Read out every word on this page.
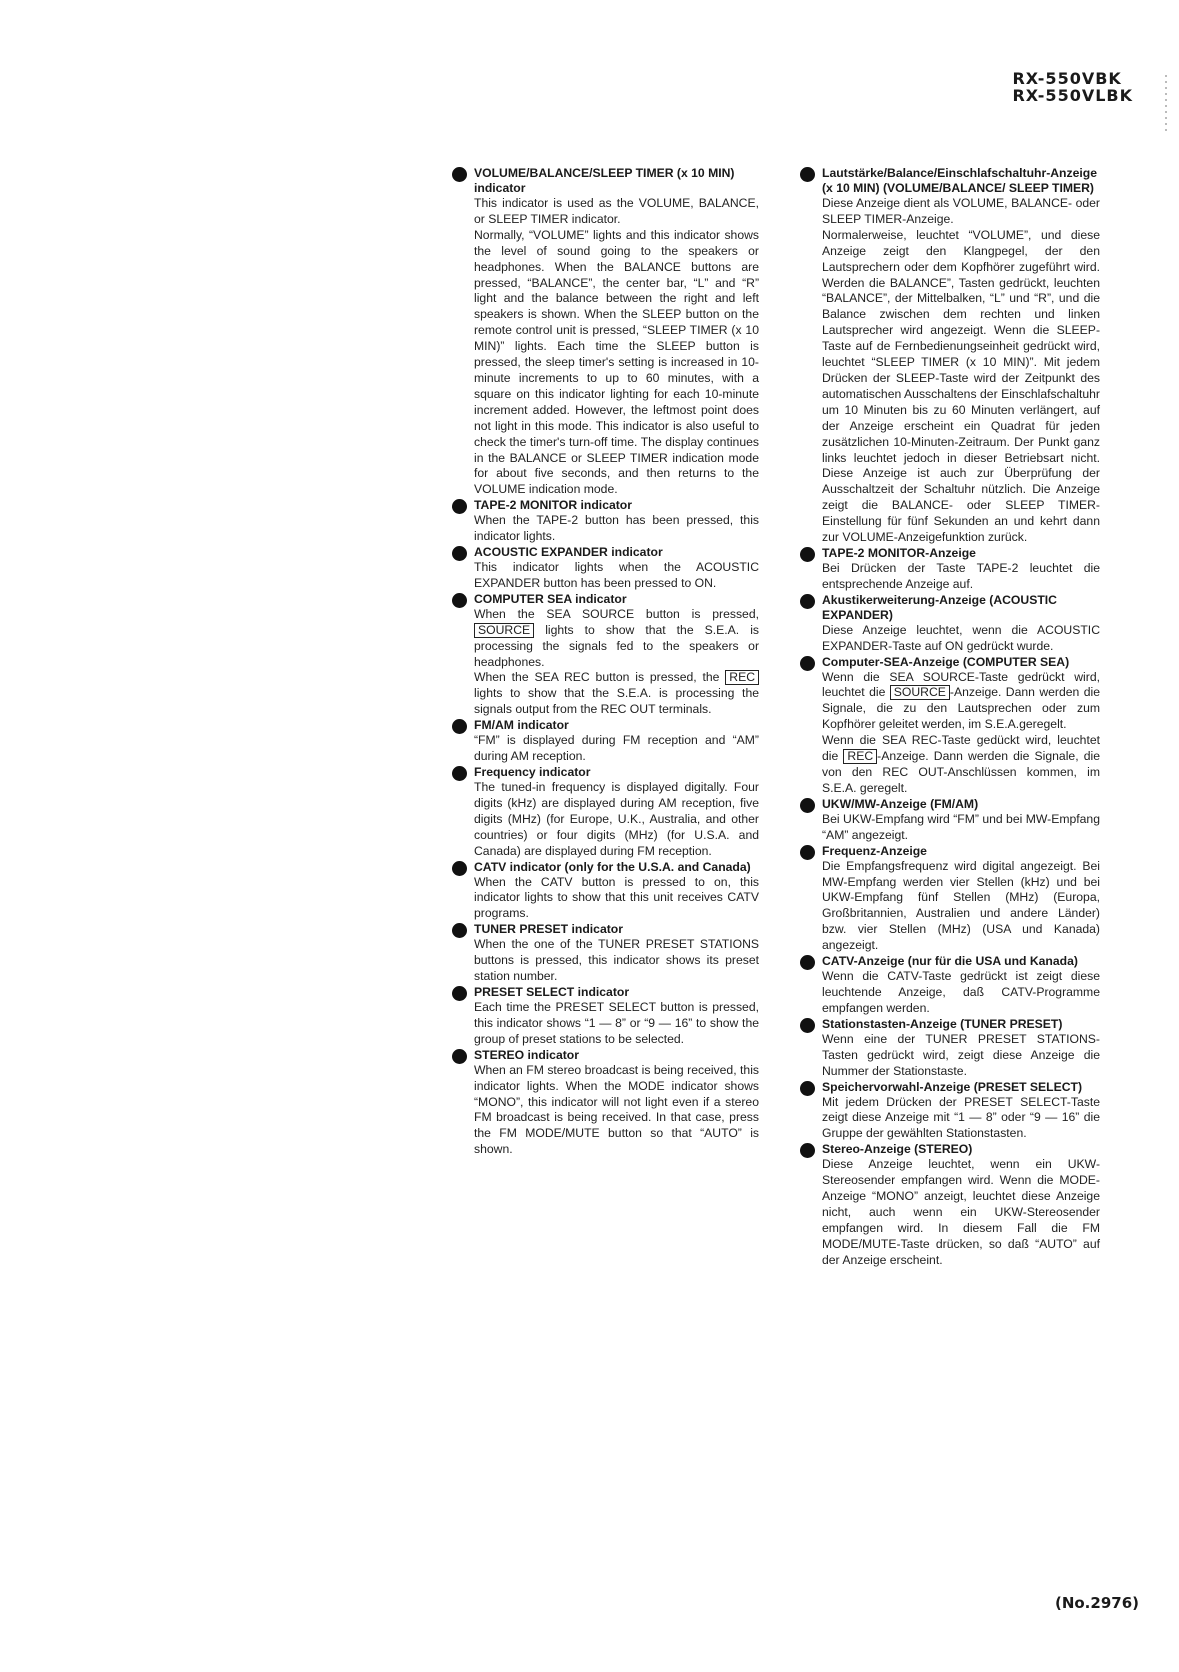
RX-550VBK
RX-550VLBK
VOLUME/BALANCE/SLEEP TIMER (x 10 MIN) indicator

This indicator is used as the VOLUME, BALANCE, or SLEEP TIMER indicator.

Normally, “VOLUME” lights and this indicator shows the level of sound going to the speakers or headphones. When the BALANCE buttons are pressed, “BALANCE”, the center bar, “L” and “R” light and the balance between the right and left speakers is shown. When the SLEEP button on the remote control unit is pressed, “SLEEP TIMER (x 10 MIN)” lights. Each time the SLEEP button is pressed, the sleep timer's setting is increased in 10-minute increments to up to 60 minutes, with a square on this indicator lighting for each 10-minute increment added. However, the leftmost point does not light in this mode. This indicator is also useful to check the timer's turn-off time. The display continues in the BALANCE or SLEEP TIMER indication mode for about five seconds, and then returns to the VOLUME indication mode.

TAPE-2 MONITOR indicator

When the TAPE-2 button has been pressed, this indicator lights.

ACOUSTIC EXPANDER indicator

This indicator lights when the ACOUSTIC EXPANDER button has been pressed to ON.

COMPUTER SEA indicator

When the SEA SOURCE button is pressed, SOURCE lights to show that the S.E.A. is processing the signals fed to the speakers or headphones.

When the SEA REC button is pressed, the REC lights to show that the S.E.A. is processing the signals output from the REC OUT terminals.

FM/AM indicator

“FM” is displayed during FM reception and “AM” during AM reception.

Frequency indicator

The tuned-in frequency is displayed digitally. Four digits (kHz) are displayed during AM reception, five digits (MHz) (for Europe, U.K., Australia, and other countries) or four digits (MHz) (for U.S.A. and Canada) are displayed during FM reception.

CATV indicator (only for the U.S.A. and Canada)

When the CATV button is pressed to on, this indicator lights to show that this unit receives CATV programs.

TUNER PRESET indicator

When the one of the TUNER PRESET STATIONS buttons is pressed, this indicator shows its preset station number.

PRESET SELECT indicator

Each time the PRESET SELECT button is pressed, this indicator shows “1 — 8” or “9 — 16” to show the group of preset stations to be selected.

STEREO indicator

When an FM stereo broadcast is being received, this indicator lights. When the MODE indicator shows “MONO”, this indicator will not light even if a stereo FM broadcast is being received. In that case, press the FM MODE/MUTE button so that “AUTO” is shown.

Lautstärke/Balance/Einschlafschaltuhr-Anzeige (x 10 MIN) (VOLUME/BALANCE/ SLEEP TIMER)

Diese Anzeige dient als VOLUME, BALANCE- oder SLEEP TIMER-Anzeige.

Normalerweise, leuchtet “VOLUME”, und diese Anzeige zeigt den Klangpegel, der den Lautsprechern oder dem Kopfhörer zugeführt wird. Werden die BALANCE”, Tasten gedrückt, leuchten “BALANCE”, der Mittelbalken, “L” und “R”, und die Balance zwischen dem rechten und linken Lautsprecher wird angezeigt. Wenn die SLEEP-Taste auf de Fernbedienungseinheit gedrückt wird, leuchtet “SLEEP TIMER (x 10 MIN)”. Mit jedem Drücken der SLEEP-Taste wird der Zeitpunkt des automatischen Ausschaltens der Einschlafschaltuhr um 10 Minuten bis zu 60 Minuten verlängert, auf der Anzeige erscheint ein Quadrat für jeden zusätzlichen 10-Minuten-Zeitraum. Der Punkt ganz links leuchtet jedoch in dieser Betriebsart nicht. Diese Anzeige ist auch zur Überprüfung der Ausschaltzeit der Schaltuhr nützlich. Die Anzeige zeigt die BALANCE- oder SLEEP TIMER-Einstellung für fünf Sekunden an und kehrt dann zur VOLUME-Anzeigefunktion zurück.

TAPE-2 MONITOR-Anzeige

Bei Drücken der Taste TAPE-2 leuchtet die entsprechende Anzeige auf.

Akustikerweiterung-Anzeige (ACOUSTIC EXPANDER)

Diese Anzeige leuchtet, wenn die ACOUSTIC EXPANDER-Taste auf ON gedrückt wurde.

Computer-SEA-Anzeige (COMPUTER SEA)

Wenn die SEA SOURCE-Taste gedrückt wird, leuchtet die SOURCE -Anzeige. Dann werden die Signale, die zu den Lautsprechen oder zum Kopfhörer geleitet werden, im S.E.A.geregelt.

Wenn die SEA REC-Taste gedückt wird, leuchtet die REC -Anzeige. Dann werden die Signale, die von den REC OUT-Anschlüssen kommen, im S.E.A. geregelt.

UKW/MW-Anzeige (FM/AM)

Bei UKW-Empfang wird “FM” und bei MW-Empfang “AM” angezeigt.

Frequenz-Anzeige

Die Empfangsfrequenz wird digital angezeigt. Bei MW-Empfang werden vier Stellen (kHz) und bei UKW-Empfang fünf Stellen (MHz) (Europa, Großbritannien, Australien und andere Länder) bzw. vier Stellen (MHz) (USA und Kanada) angezeigt.

CATV-Anzeige (nur für die USA und Kanada)

Wenn die CATV-Taste gedrückt ist zeigt diese leuchtende Anzeige, daß CATV-Programme empfangen werden.

Stationstasten-Anzeige (TUNER PRESET)

Wenn eine der TUNER PRESET STATIONS-Tasten gedrückt wird, zeigt diese Anzeige die Nummer der Stationstaste.

Speichervorwahl-Anzeige (PRESET SELECT)

Mit jedem Drücken der PRESET SELECT-Taste zeigt diese Anzeige mit “1 — 8” oder “9 — 16” die Gruppe der gewählten Stationstasten.

Stereo-Anzeige (STEREO)

Diese Anzeige leuchtet, wenn ein UKW-Stereosender empfangen wird. Wenn die MODE-Anzeige “MONO” anzeigt, leuchtet diese Anzeige nicht, auch wenn ein UKW-Stereosender empfangen wird. In diesem Fall die FM MODE/MUTE-Taste drücken, so daß “AUTO” auf der Anzeige erscheint.

(No.2976)
